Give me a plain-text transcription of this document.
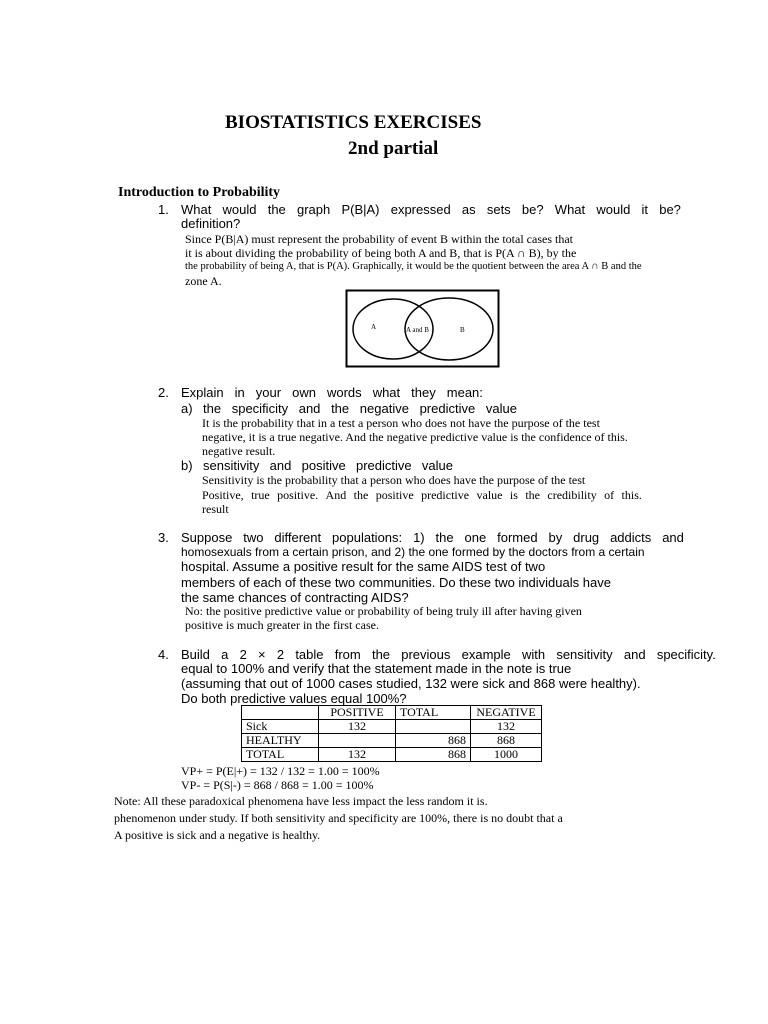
BIOSTATISTICS EXERCISES
2nd partial
Introduction to Probability
1. What would the graph P(B|A) expressed as sets be? What would it be?
definition?
Since P(B|A) must represent the probability of event B within the total cases that
it is about dividing the probability of being both A and B, that is P(A ∩ B), by the
the probability of being A, that is P(A). Graphically, it would be the quotient between the area A ∩ B and the
zone A.
A	A and B	B
2. Explain in your own words what they mean:
a) the specificity and the negative predictive value
It is the probability that in a test a person who does not have the purpose of the test
negative, it is a true negative. And the negative predictive value is the confidence of this.
negative result.
b) sensitivity and positive predictive value
Sensitivity is the probability that a person who does have the purpose of the test
Positive, true positive. And the positive predictive value is the credibility of this.
result
3. Suppose two different populations: 1) the one formed by drug addicts and
homosexuals from a certain prison, and 2) the one formed by the doctors from a certain
hospital. Assume a positive result for the same AIDS test of two
members of each of these two communities. Do these two individuals have
the same chances of contracting AIDS?
No: the positive predictive value or probability of being truly ill after having given
positive is much greater in the first case.
4. Build a 2 × 2 table from the previous example with sensitivity and specificity.
equal to 100% and verify that the statement made in the note is true
(assuming that out of 1000 cases studied, 132 were sick and 868 were healthy).
Do both predictive values equal 100%?
	POSITIVE	TOTAL	NEGATIVE
Sick	132		132
HEALTHY		868	868
TOTAL	132	868	1000
VP+ = P(E|+) = 132 / 132 = 1.00 = 100%
VP- = P(S|-) = 868 / 868 = 1.00 = 100%
Note: All these paradoxical phenomena have less impact the less random it is.
phenomenon under study. If both sensitivity and specificity are 100%, there is no doubt that a
A positive is sick and a negative is healthy.
